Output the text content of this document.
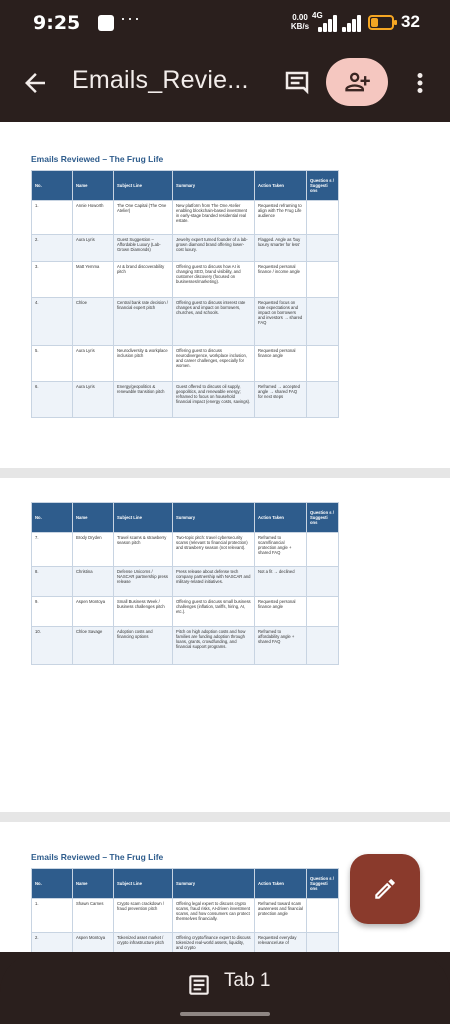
9:25 ···	0.00
KB/s
4G	32
Emails_Revie...
Emails Reviewed – The Frug Life
No.	Name	Subject Line	Summary	Action Taken	Question s / Suggesti ons
1.	Annie Howorth	The One Capital (The One Atelier)	New platform from The One Atelier enabling blockchain-based investment in early-stage branded residential real estate.	Requested reframing to align with The Frug Life audience	
2.	Aura Lyris	Guest Suggestion – Affordable Luxury (Lab-Grown Diamonds)	Jewelry expert turned founder of a lab-grown diamond brand offering lower-cost luxury.	Flagged. Angle as 'buy luxury smarter for less'	
3.	Matt Yemma	AI & brand discoverability pitch	Offering guest to discuss how AI is changing SEO, brand visibility, and customer discovery (focused on businesses/marketing).	Requested personal finance / income angle	
4.	Chloe	Central bank rate decision / financial expert pitch	Offering guest to discuss interest rate changes and impact on borrowers, churches, and schools.	Requested focus on rate expectations and impact on borrowers and investors → shared FAQ	
5.	Aura Lyris	Neurodiversity & workplace inclusion pitch	Offering guest to discuss neurodivergence, workplace inclusion, and career challenges, especially for women.	Requested personal finance angle	
6.	Aura Lyris	Energy/geopolitics & renewable transition pitch	Guest offered to discuss oil supply, geopolitics, and renewable energy; reframed to focus on household financial impact (energy costs, savings).	Reframed → accepted angle → shared FAQ for next steps	
No.	Name	Subject Line	Summary	Action Taken	Question s / Suggesti ons
7.	Brody Dryden	Travel scams & strawberry season pitch	Two-topic pitch: travel cybersecurity scams (relevant to financial protection) and strawberry season (not relevant).	Reframed to scam/financial protection angle + shared FAQ	
8.	Christina	Defense Unicorns / NASCAR partnership press release	Press release about defense tech company partnership with NASCAR and military-related initiatives.	Not a fit → declined	
9.	Aspen Montoya	Small Business Week / business challenges pitch	Offering guest to discuss small business challenges (inflation, tariffs, hiring, AI, etc.).	Requested personal finance angle	
10.	Chloe Savage	Adoption costs and financing options	Pitch on high adoption costs and how families are funding adoption through loans, grants, crowdfunding, and financial support programs.	Reframed to affordability angle + shared FAQ	
Emails Reviewed – The Frug Life
No.	Name	Subject Line	Summary	Action Taken	Question s / Suggesti ons
1.	Shawn Carnes	Crypto scam crackdown / fraud prevention pitch	Offering legal expert to discuss crypto scams, fraud risks, AI-driven investment scams, and how consumers can protect themselves financially.	Reframed toward scam awareness and financial protection angle	
2.	Aspen Montoya	Tokenized asset market / crypto infrastructure pitch	Offering crypto/finance expert to discuss tokenized real-world assets, liquidity, and crypto	Requested everyday relevance/use of	
Tab 1
